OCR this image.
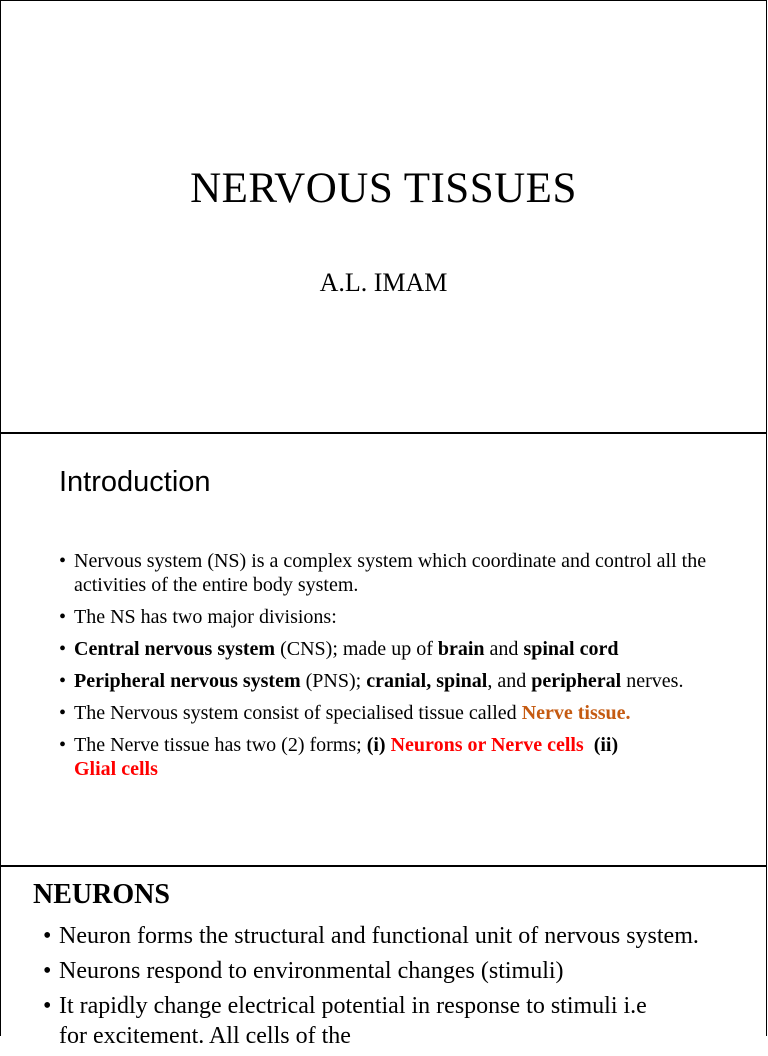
NERVOUS TISSUES
A.L. IMAM
Introduction
• Nervous system (NS) is a complex system which coordinate and control all the activities of the entire body system.
• The NS has two major divisions:
• Central nervous system (CNS); made up of brain and spinal cord
• Peripheral nervous system (PNS); cranial, spinal, and peripheral nerves.
• The Nervous system consist of specialised tissue called Nerve tissue.
• The Nerve tissue has two (2) forms; (i) Neurons or Nerve cells  (ii)
Glial cells
NEURONS
• Neuron forms the structural and functional unit of nervous system.
• Neurons respond to environmental changes (stimuli)
• It rapidly change electrical potential in response to stimuli i.e
for excitement. All cells of the
